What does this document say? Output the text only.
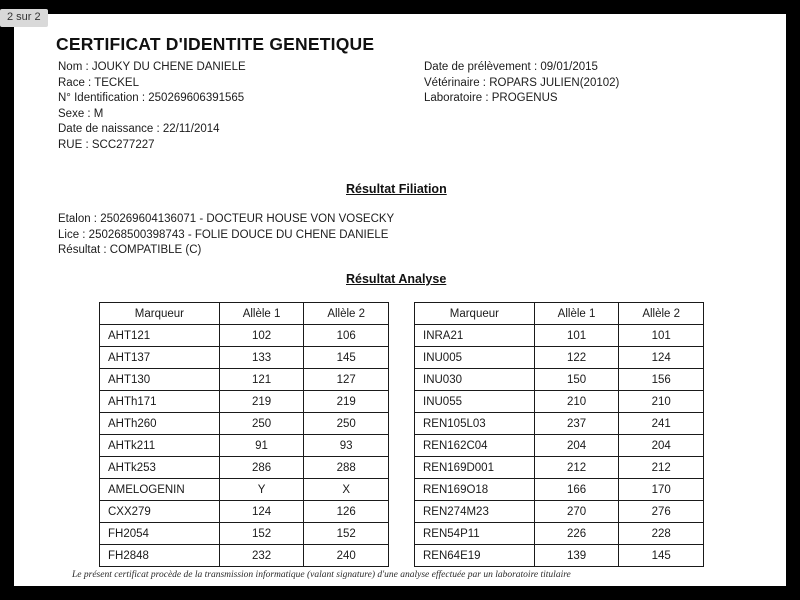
2 sur 2
CERTIFICAT D'IDENTITE GENETIQUE
Nom : JOUKY DU CHENE DANIELE
Race : TECKEL
N° Identification : 250269606391565
Sexe : M
Date de naissance : 22/11/2014
RUE : SCC277227
Date de prélèvement : 09/01/2015
Vétérinaire : ROPARS JULIEN(20102)
Laboratoire : PROGENUS
Résultat Filiation
Etalon : 250269604136071 - DOCTEUR HOUSE VON VOSECKY
Lice : 250268500398743 - FOLIE DOUCE DU CHENE DANIELE
Résultat : COMPATIBLE (C)
Résultat Analyse
Marqueur	Allèle 1	Allèle 2
AHT121	102	106
AHT137	133	145
AHT130	121	127
AHTh171	219	219
AHTh260	250	250
AHTk211	91	93
AHTk253	286	288
AMELOGENIN	Y	X
CXX279	124	126
FH2054	152	152
FH2848	232	240
Marqueur	Allèle 1	Allèle 2
INRA21	101	101
INU005	122	124
INU030	150	156
INU055	210	210
REN105L03	237	241
REN162C04	204	204
REN169D001	212	212
REN169O18	166	170
REN274M23	270	276
REN54P11	226	228
REN64E19	139	145
Le présent certificat procède de la transmission informatique (valant signature) d'une analyse effectuée par un laboratoire titulaire
